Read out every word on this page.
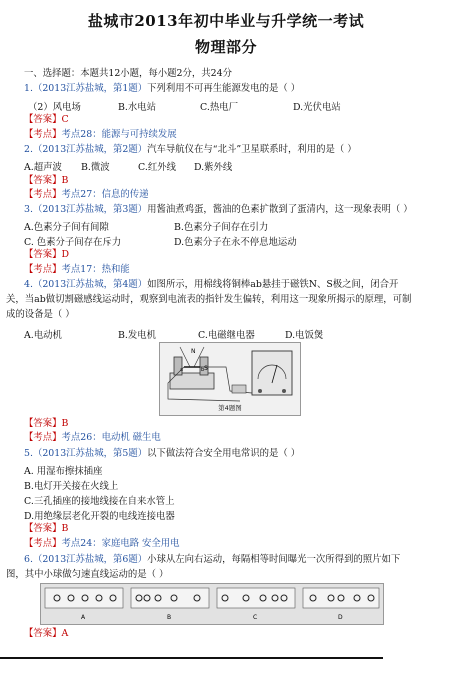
盐城市2013年初中毕业与升学统一考试
物理部分
一、选择题：本题共12小题，每小题2分，共24分
1.（2013江苏盐城，第1题）下列利用不可再生能源发电的是（ ）
（2）风电场	B.水电站	C.热电厂	D.光伏电站
【答案】C
【考点】考点28：能源与可持续发展
2.（2013江苏盐城，第2题）汽车导航仪在与“北斗”卫星联系时，利用的是（ ）
A.超声波 B.微波	C.红外线 D.紫外线
【答案】B
【考点】考点27：信息的传递
3.（2013江苏盐城，第3题）用酱油煮鸡蛋，酱油的色素扩散到了蛋清内，这一现象表明（ ）
A.色素分子间有间隙	B.色素分子间存在引力
C. 色素分子间存在斥力	D.色素分子在永不停息地运动
【答案】D
【考点】考点17：热和能
4.（2013江苏盐城，第4题）如图所示，用棉线将铜棒ab悬挂于磁铁N、S极之间，闭合开
关，当ab做切割磁感线运动时，观察到电流表的指针发生偏转，利用这一现象所揭示的原理，可制
成的设备是（ ）
A.电动机	B.发电机	C.电磁继电器	D.电饭煲
N
S
a	b
第4题图
【答案】B
【考点】考点26：电动机 磁生电
5.（2013江苏盐城，第5题）以下做法符合安全用电常识的是（ ）
A. 用湿布擦抹插座
B.电灯开关接在火线上
C.三孔插座的接地线接在自来水管上
D.用绝缘层老化开裂的电线连接电器
【答案】B
【考点】考点24：家庭电路 安全用电
6.（2013江苏盐城，第6题）小球从左向右运动，每隔相等时间曝光一次所得到的照片如下
图，其中小球做匀速直线运动的是（ ）
A	B	C	D
【答案】A
